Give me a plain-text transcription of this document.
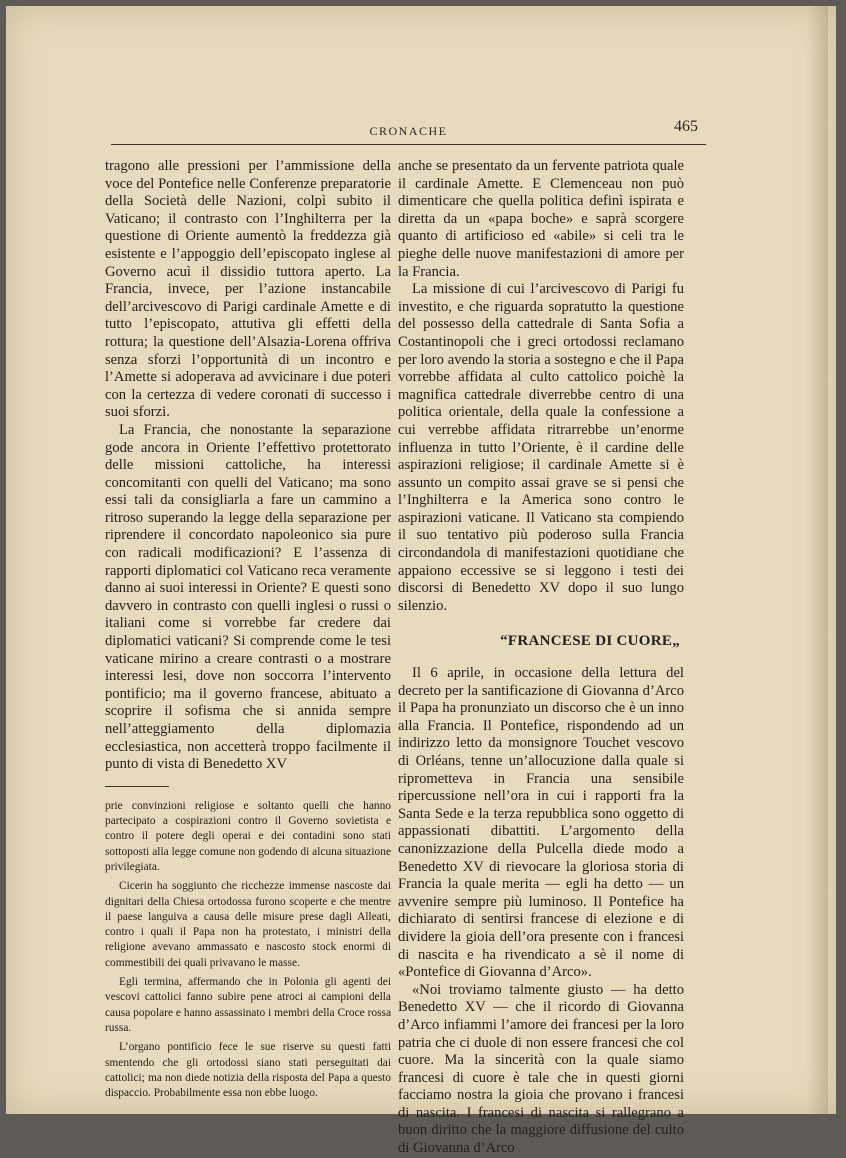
CRONACHE	465

tragono alle pressioni per l’ammissione della voce del Pontefice nelle Conferenze preparatorie della Società delle Nazioni, colpì subito il Vaticano; il contrasto con l’Inghilterra per la questione di Oriente aumentò la freddezza già esistente e l’appoggio dell’episcopato inglese al Governo acuì il dissidio tuttora aperto. La Francia, invece, per l’azione instancabile dell’arcivescovo di Parigi cardinale Amette e di tutto l’episcopato, attutiva gli effetti della rottura; la questione dell’Alsazia-Lorena offriva senza sforzi l’opportunità di un incontro e l’Amette si adoperava ad avvicinare i due poteri con la certezza di vedere coronati di successo i suoi sforzi.

La Francia, che nonostante la separazione gode ancora in Oriente l’effettivo protettorato delle missioni cattoliche, ha interessi concomitanti con quelli del Vaticano; ma sono essi tali da consigliarla a fare un cammino a ritroso superando la legge della separazione per riprendere il concordato napoleonico sia pure con radicali modificazioni? E l’assenza di rapporti diplomatici col Vaticano reca veramente danno ai suoi interessi in Oriente? E questi sono davvero in contrasto con quelli inglesi o russi o italiani come si vorrebbe far credere dai diplomatici vaticani? Si comprende come le tesi vaticane mirino a creare contrasti o a mostrare interessi lesi, dove non soccorra l’intervento pontificio; ma il governo francese, abituato a scoprire il sofisma che si annida sempre nell’atteggiamento della diplomazia ecclesiastica, non accetterà troppo facilmente il punto di vista di Benedetto XV

prie convinzioni religiose e soltanto quelli che hanno partecipato a cospirazioni contro il Governo sovietista e contro il potere degli operai e dei contadini sono stati sottoposti alla legge comune non godendo di alcuna situazione privilegiata.

Cicerin ha soggiunto che ricchezze immense nascoste dai dignitari della Chiesa ortodossa furono scoperte e che mentre il paese languiva a causa delle misure prese dagli Alleati, contro i quali il Papa non ha protestato, i ministri della religione avevano ammassato e nascosto stock enormi di commestibili dei quali privavano le masse.

Egli termina, affermando che in Polonia gli agenti dei vescovi cattolici fanno subire pene atroci ai campioni della causa popolare e hanno assassinato i membri della Croce rossa russa.

L’organo pontificio fece le sue riserve su questi fatti smentendo che gli ortodossi siano stati perseguitati dai cattolici; ma non diede notizia della risposta del Papa a questo dispaccio. Probabilmente essa non ebbe luogo.

anche se presentato da un fervente patriota quale il cardinale Amette. E Clemenceau non può dimenticare che quella politica definì ispirata e diretta da un «papa boche» e saprà scorgere quanto di artificioso ed «abile» si celi tra le pieghe delle nuove manifestazioni di amore per la Francia.

La missione di cui l’arcivescovo di Parigi fu investito, e che riguarda sopratutto la questione del possesso della cattedrale di Santa Sofia a Costantinopoli che i greci ortodossi reclamano per loro avendo la storia a sostegno e che il Papa vorrebbe affidata al culto cattolico poichè la magnifica cattedrale diverrebbe centro di una politica orientale, della quale la confessione a cui verrebbe affidata ritrarrebbe un’enorme influenza in tutto l’Oriente, è il cardine delle aspirazioni religiose; il cardinale Amette si è assunto un compito assai grave se si pensi che l’Inghilterra e la America sono contro le aspirazioni vaticane. Il Vaticano sta compiendo il suo tentativo più poderoso sulla Francia circondandola di manifestazioni quotidiane che appaiono eccessive se si leggono i testi dei discorsi di Benedetto XV dopo il suo lungo silenzio.

“FRANCESE DI CUORE„

Il 6 aprile, in occasione della lettura del decreto per la santificazione di Giovanna d’Arco il Papa ha pronunziato un discorso che è un inno alla Francia. Il Pontefice, rispondendo ad un indirizzo letto da monsignore Touchet vescovo di Orléans, tenne un’allocuzione dalla quale si riprometteva in Francia una sensibile ripercussione nell’ora in cui i rapporti fra la Santa Sede e la terza repubblica sono oggetto di appassionati dibattiti. L’argomento della canonizzazione della Pulcella diede modo a Benedetto XV di rievocare la gloriosa storia di Francia la quale merita — egli ha detto — un avvenire sempre più luminoso. Il Pontefice ha dichiarato di sentirsi francese di elezione e di dividere la gioia dell’ora presente con i francesi di nascita e ha rivendicato a sè il nome di «Pontefice di Giovanna d’Arco».

«Noi troviamo talmente giusto — ha detto Benedetto XV — che il ricordo di Giovanna d’Arco infiammi l’amore dei francesi per la loro patria che ci duole di non essere francesi che col cuore. Ma la sincerità con la quale siamo francesi di cuore è tale che in questi giorni facciamo nostra la gioia che provano i francesi di nascita. I francesi di nascita si rallegrano a buon diritto che la maggiore diffusione del culto di Giovanna d’Arco
